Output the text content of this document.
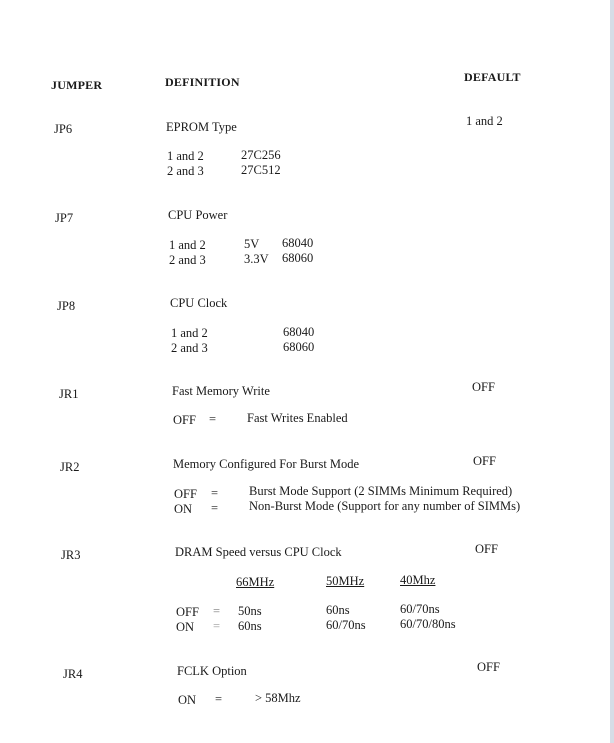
JUMPER	DEFINITION	DEFAULT
JP6	EPROM Type	1 and 2
1 and 2	27C256
2 and 3	27C512
JP7	CPU Power
1 and 2	5V 68040
2 and 3	3.3V 68060
JP8	CPU Clock
1 and 2	68040
2 and 3	68060
JR1	Fast Memory Write	OFF
OFF = Fast Writes Enabled
JR2	Memory Configured For Burst Mode	OFF
OFF = Burst Mode Support (2 SIMMs Minimum Required)
ON = Non-Burst Mode (Support for any number of SIMMs)
JR3	DRAM Speed versus CPU Clock	OFF
66MHz	50MHz	40Mhz
OFF = 50ns	60ns	60/70ns
ON = 60ns	60/70ns	60/70/80ns
JR4	FCLK Option	OFF
ON =	> 58Mhz
